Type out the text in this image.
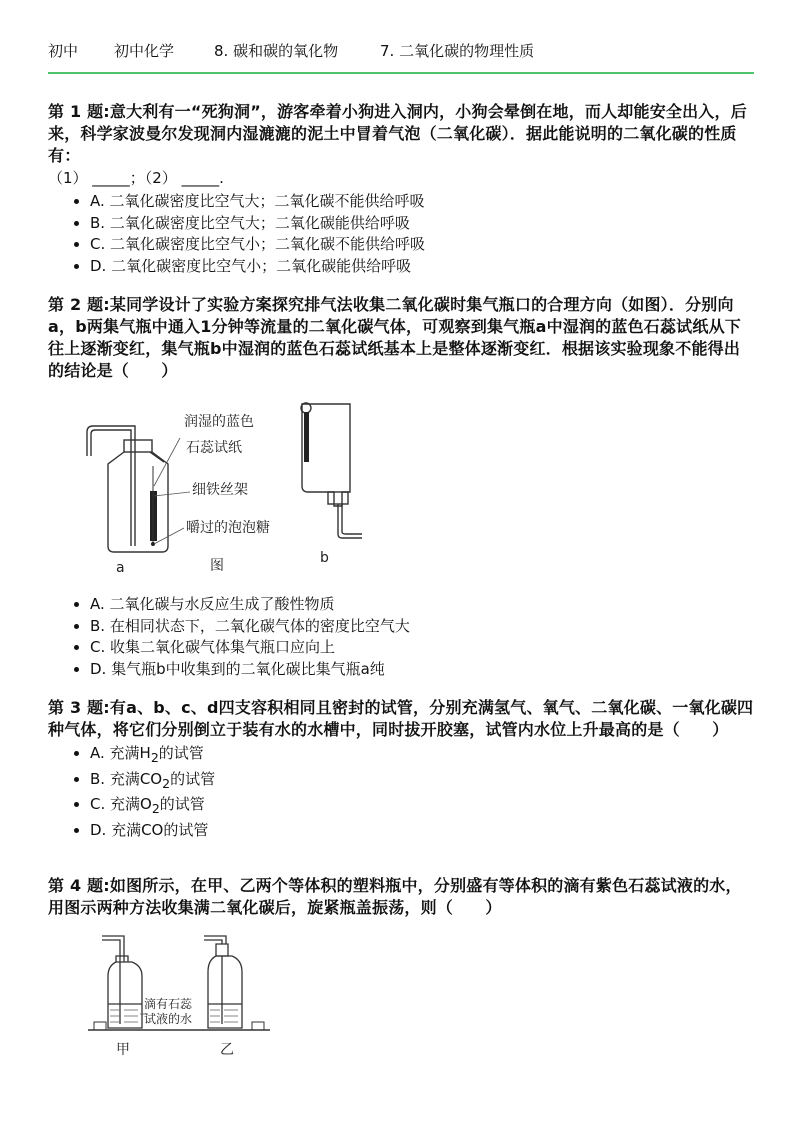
初中 初中化学	8. 碳和碳的氧化物	7. 二氧化碳的物理性质

第 1 题:意大利有一“死狗洞”，游客牵着小狗进入洞内，小狗会晕倒在地，而人却能安全出入，后来，科学家波曼尔发现洞内湿漉漉的泥土中冒着气泡（二氧化碳）．据此能说明的二氧化碳的性质有：

（1） _____；（2） _____.

• A. 二氧化碳密度比空气大；二氧化碳不能供给呼吸
• B. 二氧化碳密度比空气大；二氧化碳能供给呼吸
• C. 二氧化碳密度比空气小；二氧化碳不能供给呼吸
• D. 二氧化碳密度比空气小；二氧化碳能供给呼吸

第 2 题:某同学设计了实验方案探究排气法收集二氧化碳时集气瓶口的合理方向（如图）．分别向a，b两集气瓶中通入1分钟等流量的二氧化碳气体，可观察到集气瓶a中湿润的蓝色石蕊试纸从下往上逐渐变红，集气瓶b中湿润的蓝色石蕊试纸基本上是整体逐渐变红．根据该实验现象不能得出的结论是（　　）

润湿的蓝色
石蕊试纸
细铁丝架
嚼过的泡泡糖
a	图	b
• A. 二氧化碳与水反应生成了酸性物质
• B. 在相同状态下，二氧化碳气体的密度比空气大
• C. 收集二氧化碳气体集气瓶口应向上
• D. 集气瓶b中收集到的二氧化碳比集气瓶a纯

第 3 题:有a、b、c、d四支容积相同且密封的试管，分别充满氢气、氧气、二氧化碳、一氧化碳四种气体，将它们分别倒立于装有水的水槽中，同时拔开胶塞，试管内水位上升最高的是（　　）

• A. 充满$H_2$的试管
• B. 充满$CO_2$的试管
• C. 充满$O_2$的试管
• D. 充满CO的试管

第 4 题:如图所示，在甲、乙两个等体积的塑料瓶中，分别盛有等体积的滴有紫色石蕊试液的水，用图示两种方法收集满二氧化碳后，旋紧瓶盖振荡，则（　　）

滴有石蕊
试液的水
甲	乙
